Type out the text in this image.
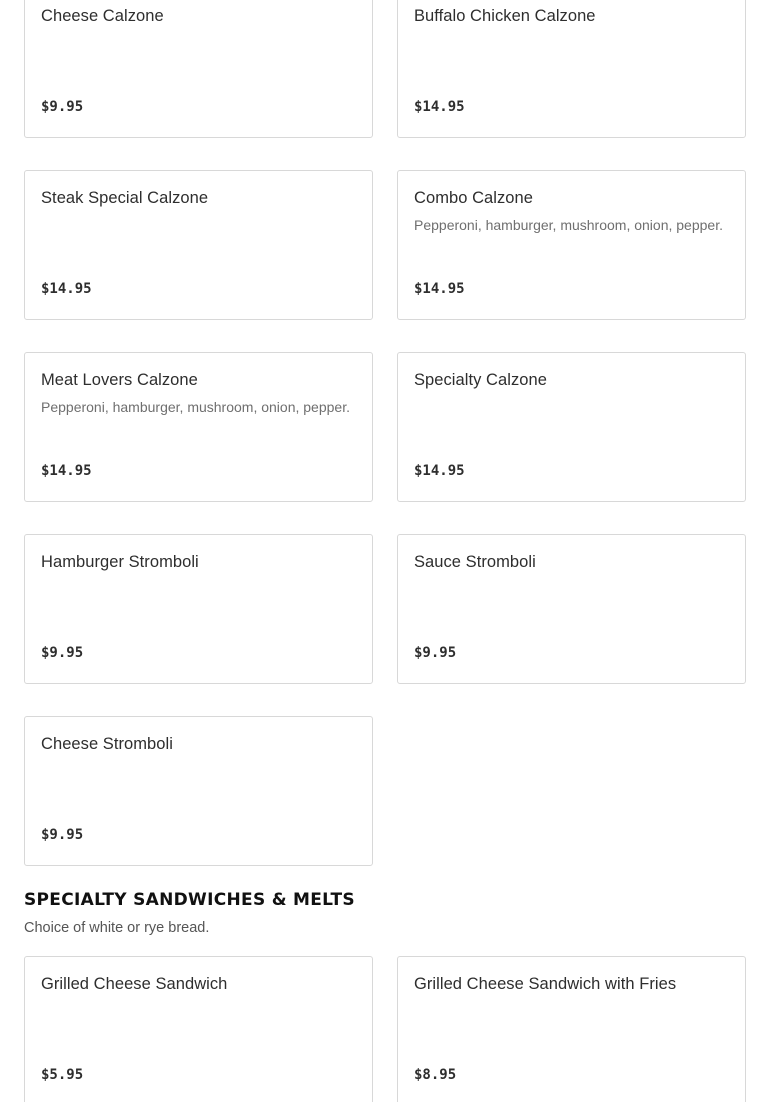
Cheese Calzone
$9.95
Buffalo Chicken Calzone
$14.95
Steak Special Calzone
$14.95
Combo Calzone
Pepperoni, hamburger, mushroom, onion, pepper.
$14.95
Meat Lovers Calzone
Pepperoni, hamburger, mushroom, onion, pepper.
$14.95
Specialty Calzone
$14.95
Hamburger Stromboli
$9.95
Sauce Stromboli
$9.95
Cheese Stromboli
$9.95
SPECIALTY SANDWICHES & MELTS
Choice of white or rye bread.
Grilled Cheese Sandwich
$5.95
Grilled Cheese Sandwich with Fries
$8.95
